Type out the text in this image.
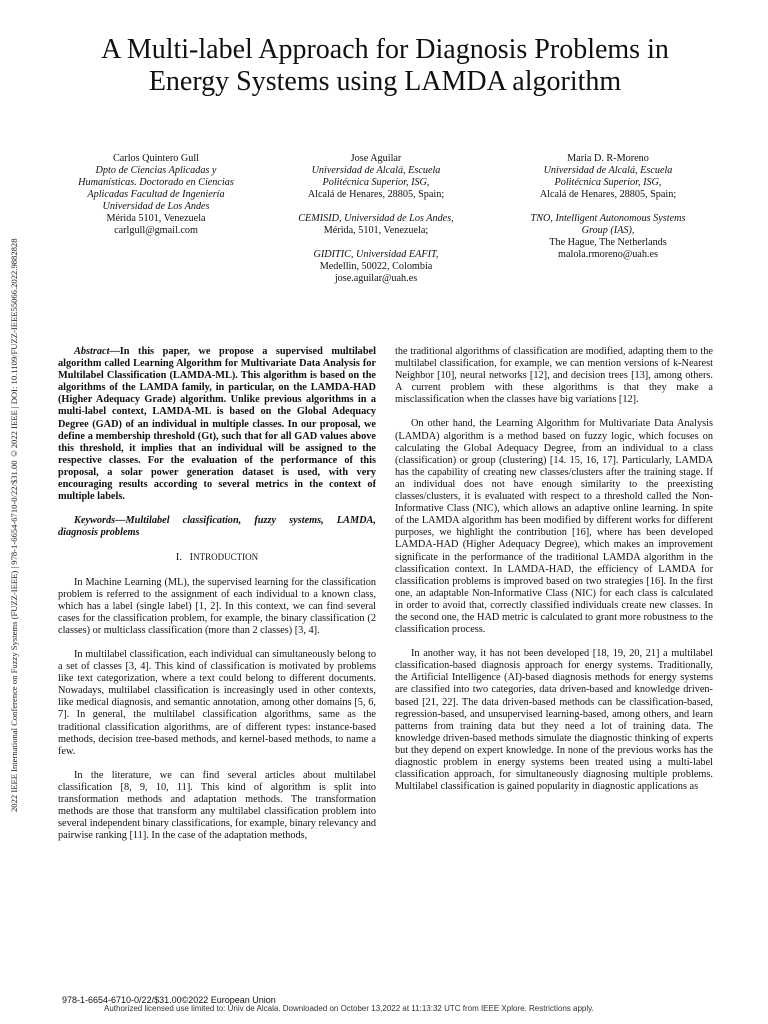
2022 IEEE International Conference on Fuzzy Systems (FUZZ-IEEE) | 978-1-6654-6710-0/22/$31.00 ©2022 IEEE | DOI: 10.1109/FUZZ-IEEE55066.2022.9882828
A Multi-label Approach for Diagnosis Problems in
Energy Systems using LAMDA algorithm
Carlos Quintero Gull
Dpto de Ciencias Aplicadas y
Humanísticas. Doctorado en Ciencias
Aplicadas Facultad de Ingeniería
Universidad de Los Andes
Mérida 5101, Venezuela
carlgull@gmail.com
Jose Aguilar
Universidad de Alcalá, Escuela
Politécnica Superior, ISG,
Alcalá de Henares, 28805, Spain;
CEMISID, Universidad de Los Andes,
Mérida, 5101, Venezuela;
GIDITIC, Universidad EAFIT,
Medellin, 50022, Colombia
jose.aguilar@uah.es
Maria D. R-Moreno
Universidad de Alcalá, Escuela
Politécnica Superior, ISG,
Alcalá de Henares, 28805, Spain;
TNO, Intelligent Autonomous Systems
Group (IAS),
The Hague, The Netherlands
malola.rmoreno@uah.es

Abstract—In this paper, we propose a supervised multilabel algorithm called Learning Algorithm for Multivariate Data Analysis for Multilabel Classification (LAMDA-ML). This algorithm is based on the algorithms of the LAMDA family, in particular, on the LAMDA-HAD (Higher Adequacy Grade) algorithm. Unlike previous algorithms in a multi-label context, LAMDA-ML is based on the Global Adequacy Degree (GAD) of an individual in multiple classes. In our proposal, we define a membership threshold (Gt), such that for all GAD values above this threshold, it implies that an individual will be assigned to the respective classes. For the evaluation of the performance of this proposal, a solar power generation dataset is used, with very encouraging results according to several metrics in the context of multiple labels.

Keywords—Multilabel classification, fuzzy systems, LAMDA, diagnosis problems

I. INTRODUCTION

In Machine Learning (ML), the supervised learning for the classification problem is referred to the assignment of each individual to a known class, which has a label (single label) [1, 2]. In this context, we can find several cases for the classification problem, for example, the binary classification (2 classes) or multiclass classification (more than 2 classes) [3, 4].

In multilabel classification, each individual can simultaneously belong to a set of classes [3, 4]. This kind of classification is motivated by problems like text categorization, where a text could belong to different documents. Nowadays, multilabel classification is increasingly used in other contexts, like medical diagnosis, and semantic annotation, among other domains [5, 6, 7]. In general, the multilabel classification algorithms, same as the traditional classification algorithms, are of different types: instance-based methods, decision tree-based methods, and kernel-based methods, to name a few.

In the literature, we can find several articles about multilabel classification [8, 9, 10, 11]. This kind of algorithm is split into transformation methods and adaptation methods. The transformation methods are those that transform any multilabel classification problem into several independent binary classifications, for example, binary relevancy and pairwise ranking [11]. In the case of the adaptation methods,

the traditional algorithms of classification are modified, adapting them to the multilabel classification, for example, we can mention versions of k-Nearest Neighbor [10], neural networks [12], and decision trees [13], among others. A current problem with these algorithms is that they make a misclassification when the classes have big variations [12].

On other hand, the Learning Algorithm for Multivariate Data Analysis (LAMDA) algorithm is a method based on fuzzy logic, which focuses on calculating the Global Adequacy Degree, from an individual to a class (classification) or group (clustering) [14. 15, 16, 17]. Particularly, LAMDA has the capability of creating new classes/clusters after the training stage. If an individual does not have enough similarity to the preexisting classes/clusters, it is evaluated with respect to a threshold called the Non-Informative Class (NIC), which allows an adaptive online learning. In spite of the LAMDA algorithm has been modified by different works for different purposes, we highlight the contribution [16], where has been developed LAMDA-HAD (Higher Adequacy Degree), which makes an improvement significate in the performance of the traditional LAMDA algorithm in the classification context. In LAMDA-HAD, the efficiency of LAMDA for classification problems is improved based on two strategies [16]. In the first one, an adaptable Non-Informative Class (NIC) for each class is calculated in order to avoid that, correctly classified individuals create new classes. In the second one, the HAD metric is calculated to grant more robustness to the classification process.

In another way, it has not been developed [18, 19, 20, 21] a multilabel classification-based diagnosis approach for energy systems. Traditionally, the Artificial Intelligence (AI)-based diagnosis methods for energy systems are classified into two categories, data driven-based and knowledge driven-based [21, 22]. The data driven-based methods can be classification-based, regression-based, and unsupervised learning-based, among others, and learn patterns from training data but they need a lot of training data. The knowledge driven-based methods simulate the diagnostic thinking of experts but they depend on expert knowledge. In none of the previous works has the diagnostic problem in energy systems been treated using a multi-label classification approach, for simultaneously diagnosing multiple problems. Multilabel classification is gained popularity in diagnostic applications as

978-1-6654-6710-0/22/$31.00©2022 European Union
Authorized licensed use limited to: Univ de Alcala. Downloaded on October 13,2022 at 11:13:32 UTC from IEEE Xplore. Restrictions apply.
